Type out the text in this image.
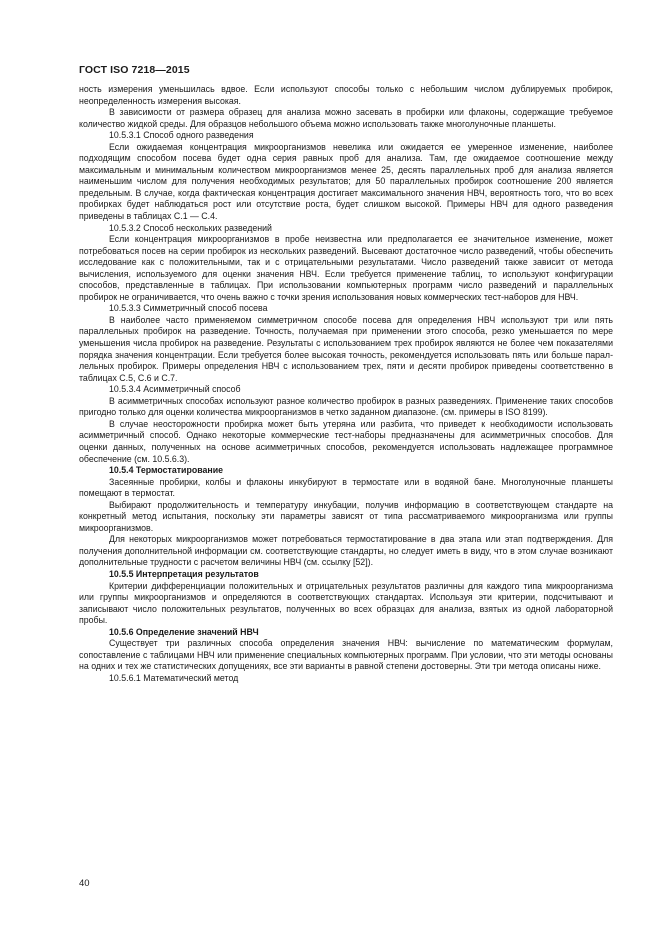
ГОСТ ISO 7218—2015

ность измерения уменьшилась вдвое. Если используют способы только с небольшим числом дублируемых пробирок, неопределенность измерения высокая.

В зависимости от размера образец для анализа можно засевать в пробирки или флаконы, содержащие требуемое количество жидкой среды. Для образцов небольшого объема можно использовать также многолуночные планшеты.

10.5.3.1 Способ одного разведения

Если ожидаемая концентрация микроорганизмов невелика или ожидается ее умеренное изменение, наиболее подходящим способом посева будет одна серия равных проб для анализа. Там, где ожидаемое соотношение между максимальным и минимальным количеством микроорганизмов менее 25, десять параллельных проб для анализа является наименьшим числом для получения необходимых результатов; для 50 параллельных пробирок соотношение 200 является предельным. В случае, когда фактическая концентрация достигает максимального значения НВЧ, вероятность того, что во всех пробирках будет наблюдаться рост или отсутствие роста, будет слишком высокой. Примеры НВЧ для одного разведения приведены в таблицах С.1 — С.4.

10.5.3.2 Способ нескольких разведений

Если концентрация микроорганизмов в пробе неизвестна или предполагается ее значительное изменение, может потребоваться посев на серии пробирок из нескольких разведений. Высевают достаточное число разведений, чтобы обеспечить исследование как с положительными, так и с отрицательными результатами. Число разведений также зависит от метода вычисления, используемого для оценки значения НВЧ. Если требуется применение таблиц, то используют конфигурации способов, представленные в таблицах. При использовании компьютерных программ число разведений и параллельных пробирок не ограничивается, что очень важно с точки зрения использования новых коммерческих тест-наборов для НВЧ.

10.5.3.3 Симметричный способ посева

В наиболее часто применяемом симметричном способе посева для определения НВЧ используют три или пять параллельных пробирок на разведение. Точность, получаемая при применении этого способа, резко уменьшается по мере уменьшения числа пробирок на разведение. Результаты с использованием трех пробирок являются не более чем показателями порядка значения концентрации. Если требуется более высокая точность, рекомендуется использовать пять или больше параллельных пробирок. Примеры определения НВЧ с использованием трех, пяти и десяти пробирок приведены соответственно в таблицах С.5, С.6 и С.7.

10.5.3.4 Асимметричный способ

В асимметричных способах используют разное количество пробирок в разных разведениях. Применение таких способов пригодно только для оценки количества микроорганизмов в четко заданном диапазоне. (см. примеры в ISO 8199).

В случае неосторожности пробирка может быть утеряна или разбита, что приведет к необходимости использовать асимметричный способ. Однако некоторые коммерческие тест-наборы предназначены для асимметричных способов. Для оценки данных, полученных на основе асимметричных способов, рекомендуется использовать надлежащее программное обеспечение (см. 10.5.6.3).

10.5.4 Термостатирование

Засеянные пробирки, колбы и флаконы инкубируют в термостате или в водяной бане. Многолуночные планшеты помещают в термостат.

Выбирают продолжительность и температуру инкубации, получив информацию в соответствующем стандарте на конкретный метод испытания, поскольку эти параметры зависят от типа рассматриваемого микроорганизма или группы микроорганизмов.

Для некоторых микроорганизмов может потребоваться термостатирование в два этапа или этап подтверждения. Для получения дополнительной информации см. соответствующие стандарты, но следует иметь в виду, что в этом случае возникают дополнительные трудности с расчетом величины НВЧ (см. ссылку [52]).

10.5.5 Интерпретация результатов

Критерии дифференциации положительных и отрицательных результатов различны для каждого типа микроорганизма или группы микроорганизмов и определяются в соответствующих стандартах. Используя эти критерии, подсчитывают и записывают число положительных результатов, полученных во всех образцах для анализа, взятых из одной лабораторной пробы.

10.5.6 Определение значений НВЧ

Существует три различных способа определения значения НВЧ: вычисление по математическим формулам, сопоставление с таблицами НВЧ или применение специальных компьютерных программ. При условии, что эти методы основаны на одних и тех же статистических допущениях, все эти варианты в равной степени достоверны. Эти три метода описаны ниже.

10.5.6.1 Математический метод

40
